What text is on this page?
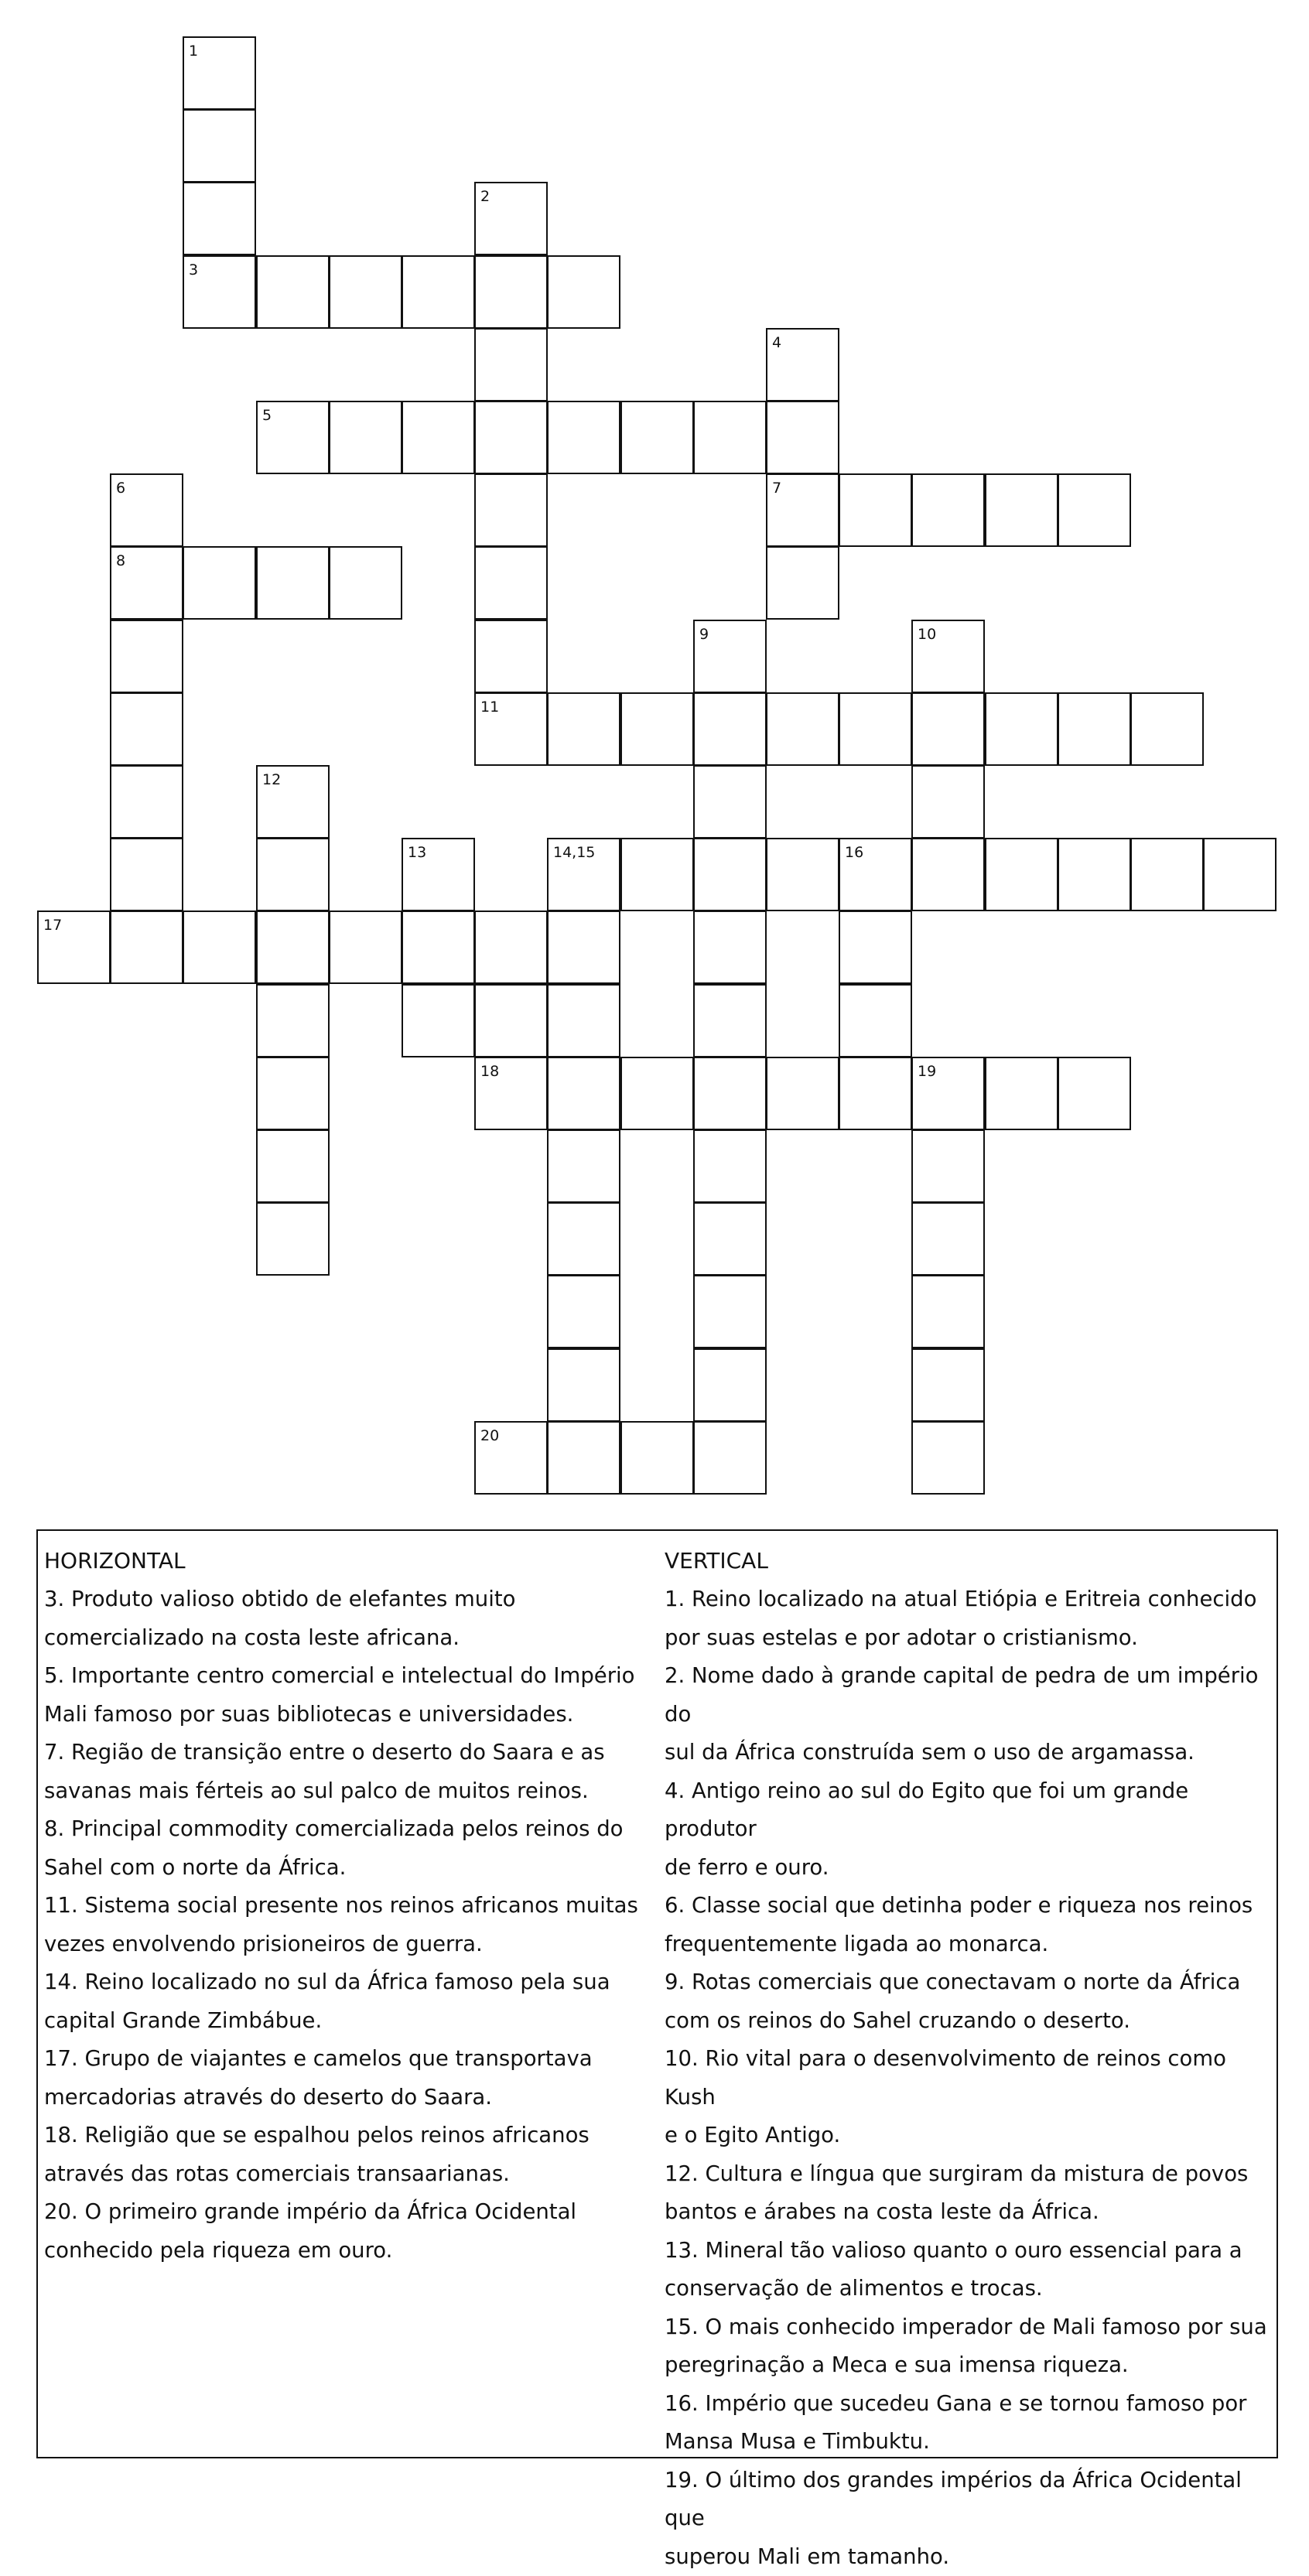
1
2
3
4
5
6	7
8
9	10
11
12
13	14,15	16
17
18	19
20

HORIZONTAL

3. Produto valioso obtido de elefantes muito

comercializado na costa leste africana.

5. Importante centro comercial e intelectual do Império

Mali famoso por suas bibliotecas e universidades.

7. Região de transição entre o deserto do Saara e as

savanas mais férteis ao sul palco de muitos reinos.

8. Principal commodity comercializada pelos reinos do

Sahel com o norte da África.

11. Sistema social presente nos reinos africanos muitas

vezes envolvendo prisioneiros de guerra.

14. Reino localizado no sul da África famoso pela sua

capital Grande Zimbábue.

17. Grupo de viajantes e camelos que transportava

mercadorias através do deserto do Saara.

18. Religião que se espalhou pelos reinos africanos

através das rotas comerciais transaarianas.

20. O primeiro grande império da África Ocidental

conhecido pela riqueza em ouro.

VERTICAL

1. Reino localizado na atual Etiópia e Eritreia conhecido

por suas estelas e por adotar o cristianismo.

2. Nome dado à grande capital de pedra de um império do

sul da África construída sem o uso de argamassa.

4. Antigo reino ao sul do Egito que foi um grande produtor

de ferro e ouro.

6. Classe social que detinha poder e riqueza nos reinos

frequentemente ligada ao monarca.

9. Rotas comerciais que conectavam o norte da África

com os reinos do Sahel cruzando o deserto.

10. Rio vital para o desenvolvimento de reinos como Kush

e o Egito Antigo.

12. Cultura e língua que surgiram da mistura de povos

bantos e árabes na costa leste da África.

13. Mineral tão valioso quanto o ouro essencial para a

conservação de alimentos e trocas.

15. O mais conhecido imperador de Mali famoso por sua

peregrinação a Meca e sua imensa riqueza.

16. Império que sucedeu Gana e se tornou famoso por

Mansa Musa e Timbuktu.

19. O último dos grandes impérios da África Ocidental que

superou Mali em tamanho.
